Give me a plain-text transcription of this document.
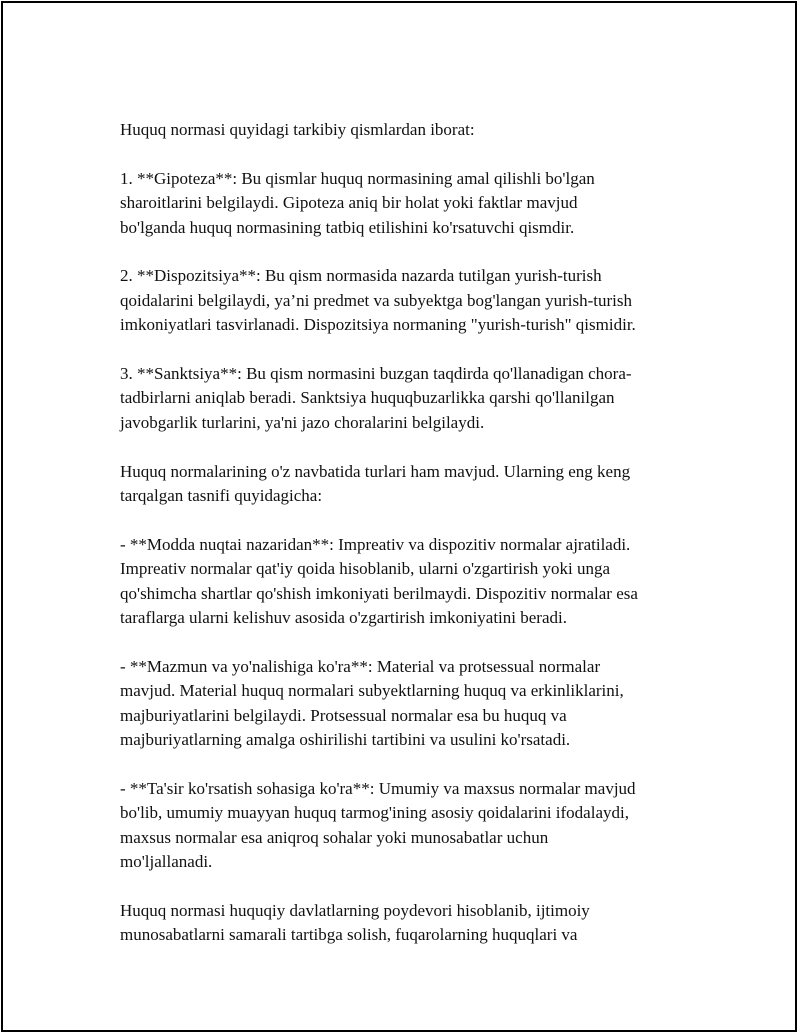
Huquq normasi quyidagi tarkibiy qismlardan iborat:

1. **Gipoteza**: Bu qismlar huquq normasining amal qilishli bo'lgan
sharoitlarini belgilaydi. Gipoteza aniq bir holat yoki faktlar mavjud
bo'lganda huquq normasining tatbiq etilishini ko'rsatuvchi qismdir.

2. **Dispozitsiya**: Bu qism normasida nazarda tutilgan yurish-turish
qoidalarini belgilaydi, ya’ni predmet va subyektga bog'langan yurish-turish
imkoniyatlari tasvirlanadi. Dispozitsiya normaning "yurish-turish" qismidir.

3. **Sanktsiya**: Bu qism normasini buzgan taqdirda qo'llanadigan chora-
tadbirlarni aniqlab beradi. Sanktsiya huquqbuzarlikka qarshi qo'llanilgan
javobgarlik turlarini, ya'ni jazo choralarini belgilaydi.

Huquq normalarining o'z navbatida turlari ham mavjud. Ularning eng keng
tarqalgan tasnifi quyidagicha:

- **Modda nuqtai nazaridan**: Impreativ va dispozitiv normalar ajratiladi.
Impreativ normalar qat'iy qoida hisoblanib, ularni o'zgartirish yoki unga
qo'shimcha shartlar qo'shish imkoniyati berilmaydi. Dispozitiv normalar esa
taraflarga ularni kelishuv asosida o'zgartirish imkoniyatini beradi.

- **Mazmun va yo'nalishiga ko'ra**: Material va protsessual normalar
mavjud. Material huquq normalari subyektlarning huquq va erkinliklarini,
majburiyatlarini belgilaydi. Protsessual normalar esa bu huquq va
majburiyatlarning amalga oshirilishi tartibini va usulini ko'rsatadi.

- **Ta'sir ko'rsatish sohasiga ko'ra**: Umumiy va maxsus normalar mavjud
bo'lib, umumiy muayyan huquq tarmog'ining asosiy qoidalarini ifodalaydi,
maxsus normalar esa aniqroq sohalar yoki munosabatlar uchun
mo'ljallanadi.

Huquq normasi huquqiy davlatlarning poydevori hisoblanib, ijtimoiy
munosabatlarni samarali tartibga solish, fuqarolarning huquqlari va
